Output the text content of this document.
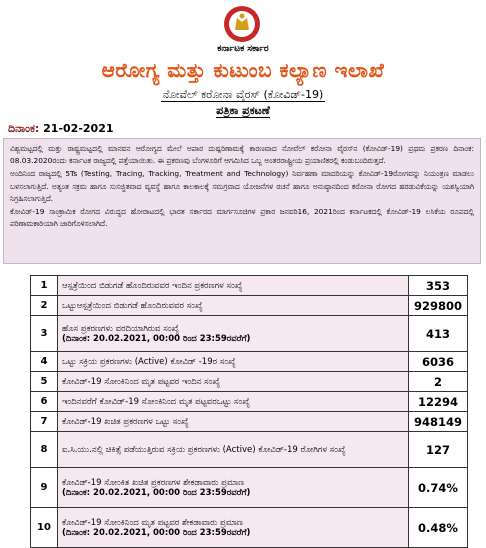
ಕರ್ನಾಟಕ ಸರ್ಕಾರ
ಆರೋಗ್ಯ ಮತ್ತು ಕುಟುಂಬ ಕಲ್ಯಾಣ ಇಲಾಖೆ
ನೋವೆಲ್ ಕರೋನಾ ವೈರಸ್ (ಕೋವಿಡ್-19)
ಪತ್ರಿಕಾ ಪ್ರಕಟಣೆ
ದಿನಾಂಕ: 21-02-2021

ವಿಶ್ವಮಟ್ಟದಲ್ಲಿ ಮತ್ತು ರಾಷ್ಟ್ರಮಟ್ಟದಲ್ಲಿ ಮಾನವನ ಆರೋಗ್ಯದ ಮೇಲೆ ಅಪಾರ ದುಷ್ಪರಿಣಾಮಕ್ಕೆ ಕಾರಣವಾದ ನೋವೆಲ್ ಕರೋನಾ ವೈರಸ್‌ನ (ಕೋವಿಡ್-19) ಪ್ರಥಮ ಪ್ರಕರಣ ದಿನಾಂಕ: 08.03.2020ರಂದು ಕರ್ನಾಟಕ ರಾಜ್ಯದಲ್ಲಿ ಪತ್ತೆಯಾಯಿತು. ಈ ಪ್ರಕರಣವು ಬೆಂಗಳೂರಿಗೆ ಆಗಮಿಸಿದ ಒಬ್ಬ ಅಂತರರಾಷ್ಟ್ರೀಯ ಪ್ರಯಾಣಿಕರಲ್ಲಿ ಕಂಡುಬಂದಿರುತ್ತದೆ.

ಅಂದಿನಿಂದ ರಾಜ್ಯದಲ್ಲಿ 5Ts (Testing, Tracing, Tracking, Treatment and Technology) ನಿರ್ವಹಣಾ ಮಾದರಿಯನ್ನು ಕೋವಿಡ್-19ರೋಗವನ್ನು ನಿಯಂತ್ರಣ ಮಾಡಲು ಬಳಸಲಾಗುತ್ತಿದೆ. ಅತ್ಯಂತ ಸಕ್ರಮ ಹಾಗೂ ಸುಸಜ್ಜಿತವಾದ ವ್ಯವಸ್ಥೆ ಹಾಗೂ ಕಾಲಕಾಲಕ್ಕೆ ಸಮಗ್ರವಾದ ಯೋಜನೆಗಳ ರಚನೆ ಹಾಗೂ ಅನುಷ್ಠಾನದಿಂದ ಕರೋನಾ ರೋಗದ ಹರಡುವಿಕೆಯನ್ನು ಯಶಸ್ವಿಯಾಗಿ ನಿಗ್ರಹಿಸಲಾಗುತ್ತಿದೆ.

ಕೋವಿಡ್-19 ಸಾಂಕ್ರಾಮಿಕ ರೋಗದ ವಿರುದ್ಧದ ಹೋರಾಟದಲ್ಲಿ ಭಾರತ ಸರ್ಕಾರದ ಮಾರ್ಗಸೂಚಿಗಳ ಪ್ರಕಾರ ಜನವರಿ16, 2021ರಿಂದ ಕರ್ನಾಟಕದಲ್ಲಿ ಕೋವಿಡ್-19 ಲಸಿಕೆಯ ರೂಪದಲ್ಲಿ ಪರಿಣಾಮಕಾರಿಯಾಗಿ ಜಾರಿಗೊಳಿಸಲಾಗಿದೆ.

1	ಆಸ್ಪತ್ರೆಯಿಂದ ಬಿಡುಗಡೆ ಹೊಂದಿರುವವರ ಇಂದಿನ ಪ್ರಕರಣಗಳ ಸಂಖ್ಯೆ	353
2	ಒಟ್ಟುಆಸ್ಪತ್ರೆಯಿಂದ ಬಿಡುಗಡೆ ಹೊಂದಿರುವವರ ಸಂಖ್ಯೆ	929800
3	ಹೊಸ ಪ್ರಕರಣಗಳು ವರದಿಯಾಗಿರುವ ಸಂಖ್ಯೆ
(ದಿನಾಂಕ: 20.02.2021, 00:00 ರಿಂದ 23:59ರವರೆಗೆ)	413
4	ಒಟ್ಟು ಸಕ್ರಿಯ ಪ್ರಕರಣಗಳು (Active) ಕೋವಿಡ್ -19ರ ಸಂಖ್ಯೆ	6036
5	ಕೋವಿಡ್-19 ಸೋಂಕಿನಿಂದ ಮೃತ ಪಟ್ಟವರ ಇಂದಿನ ಸಂಖ್ಯೆ	2
6	ಇಂದಿನವರೆಗೆ ಕೋವಿಡ್-19 ಸೋಂಕಿನಿಂದ ಮೃತ ಪಟ್ಟವರಒಟ್ಟು ಸಂಖ್ಯೆ	12294
7	ಕೋವಿಡ್-19 ಖಚಿತ ಪ್ರಕರಣಗಳ ಒಟ್ಟು ಸಂಖ್ಯೆ	948149
8	ಐ.ಸಿ.ಯು.ನಲ್ಲಿ ಚಿಕಿತ್ಸೆ ಪಡೆಯುತ್ತಿರುವ ಸಕ್ರಿಯ ಪ್ರಕರಣಗಳು (Active) ಕೋವಿಡ್-19 ರೋಗಿಗಳ ಸಂಖ್ಯೆ	127
9	ಕೋವಿಡ್-19 ಸೋಂಕಿತ ಖಚಿತ ಪ್ರಕರಣಗಳ ಶೇಕಡಾವಾರು ಪ್ರಮಾಣ
(ದಿನಾಂಕ: 20.02.2021, 00:00 ರಿಂದ 23:59ರವರೆಗೆ)	0.74%
10	ಕೋವಿಡ್-19 ಸೋಂಕಿನಿಂದ ಮೃತ ಪಟ್ಟವರ ಶೇಕಡಾವಾರು ಪ್ರಮಾಣ
(ದಿನಾಂಕ: 20.02.2021, 00:00 ರಿಂದ 23:59ರವರೆಗೆ)	0.48%
